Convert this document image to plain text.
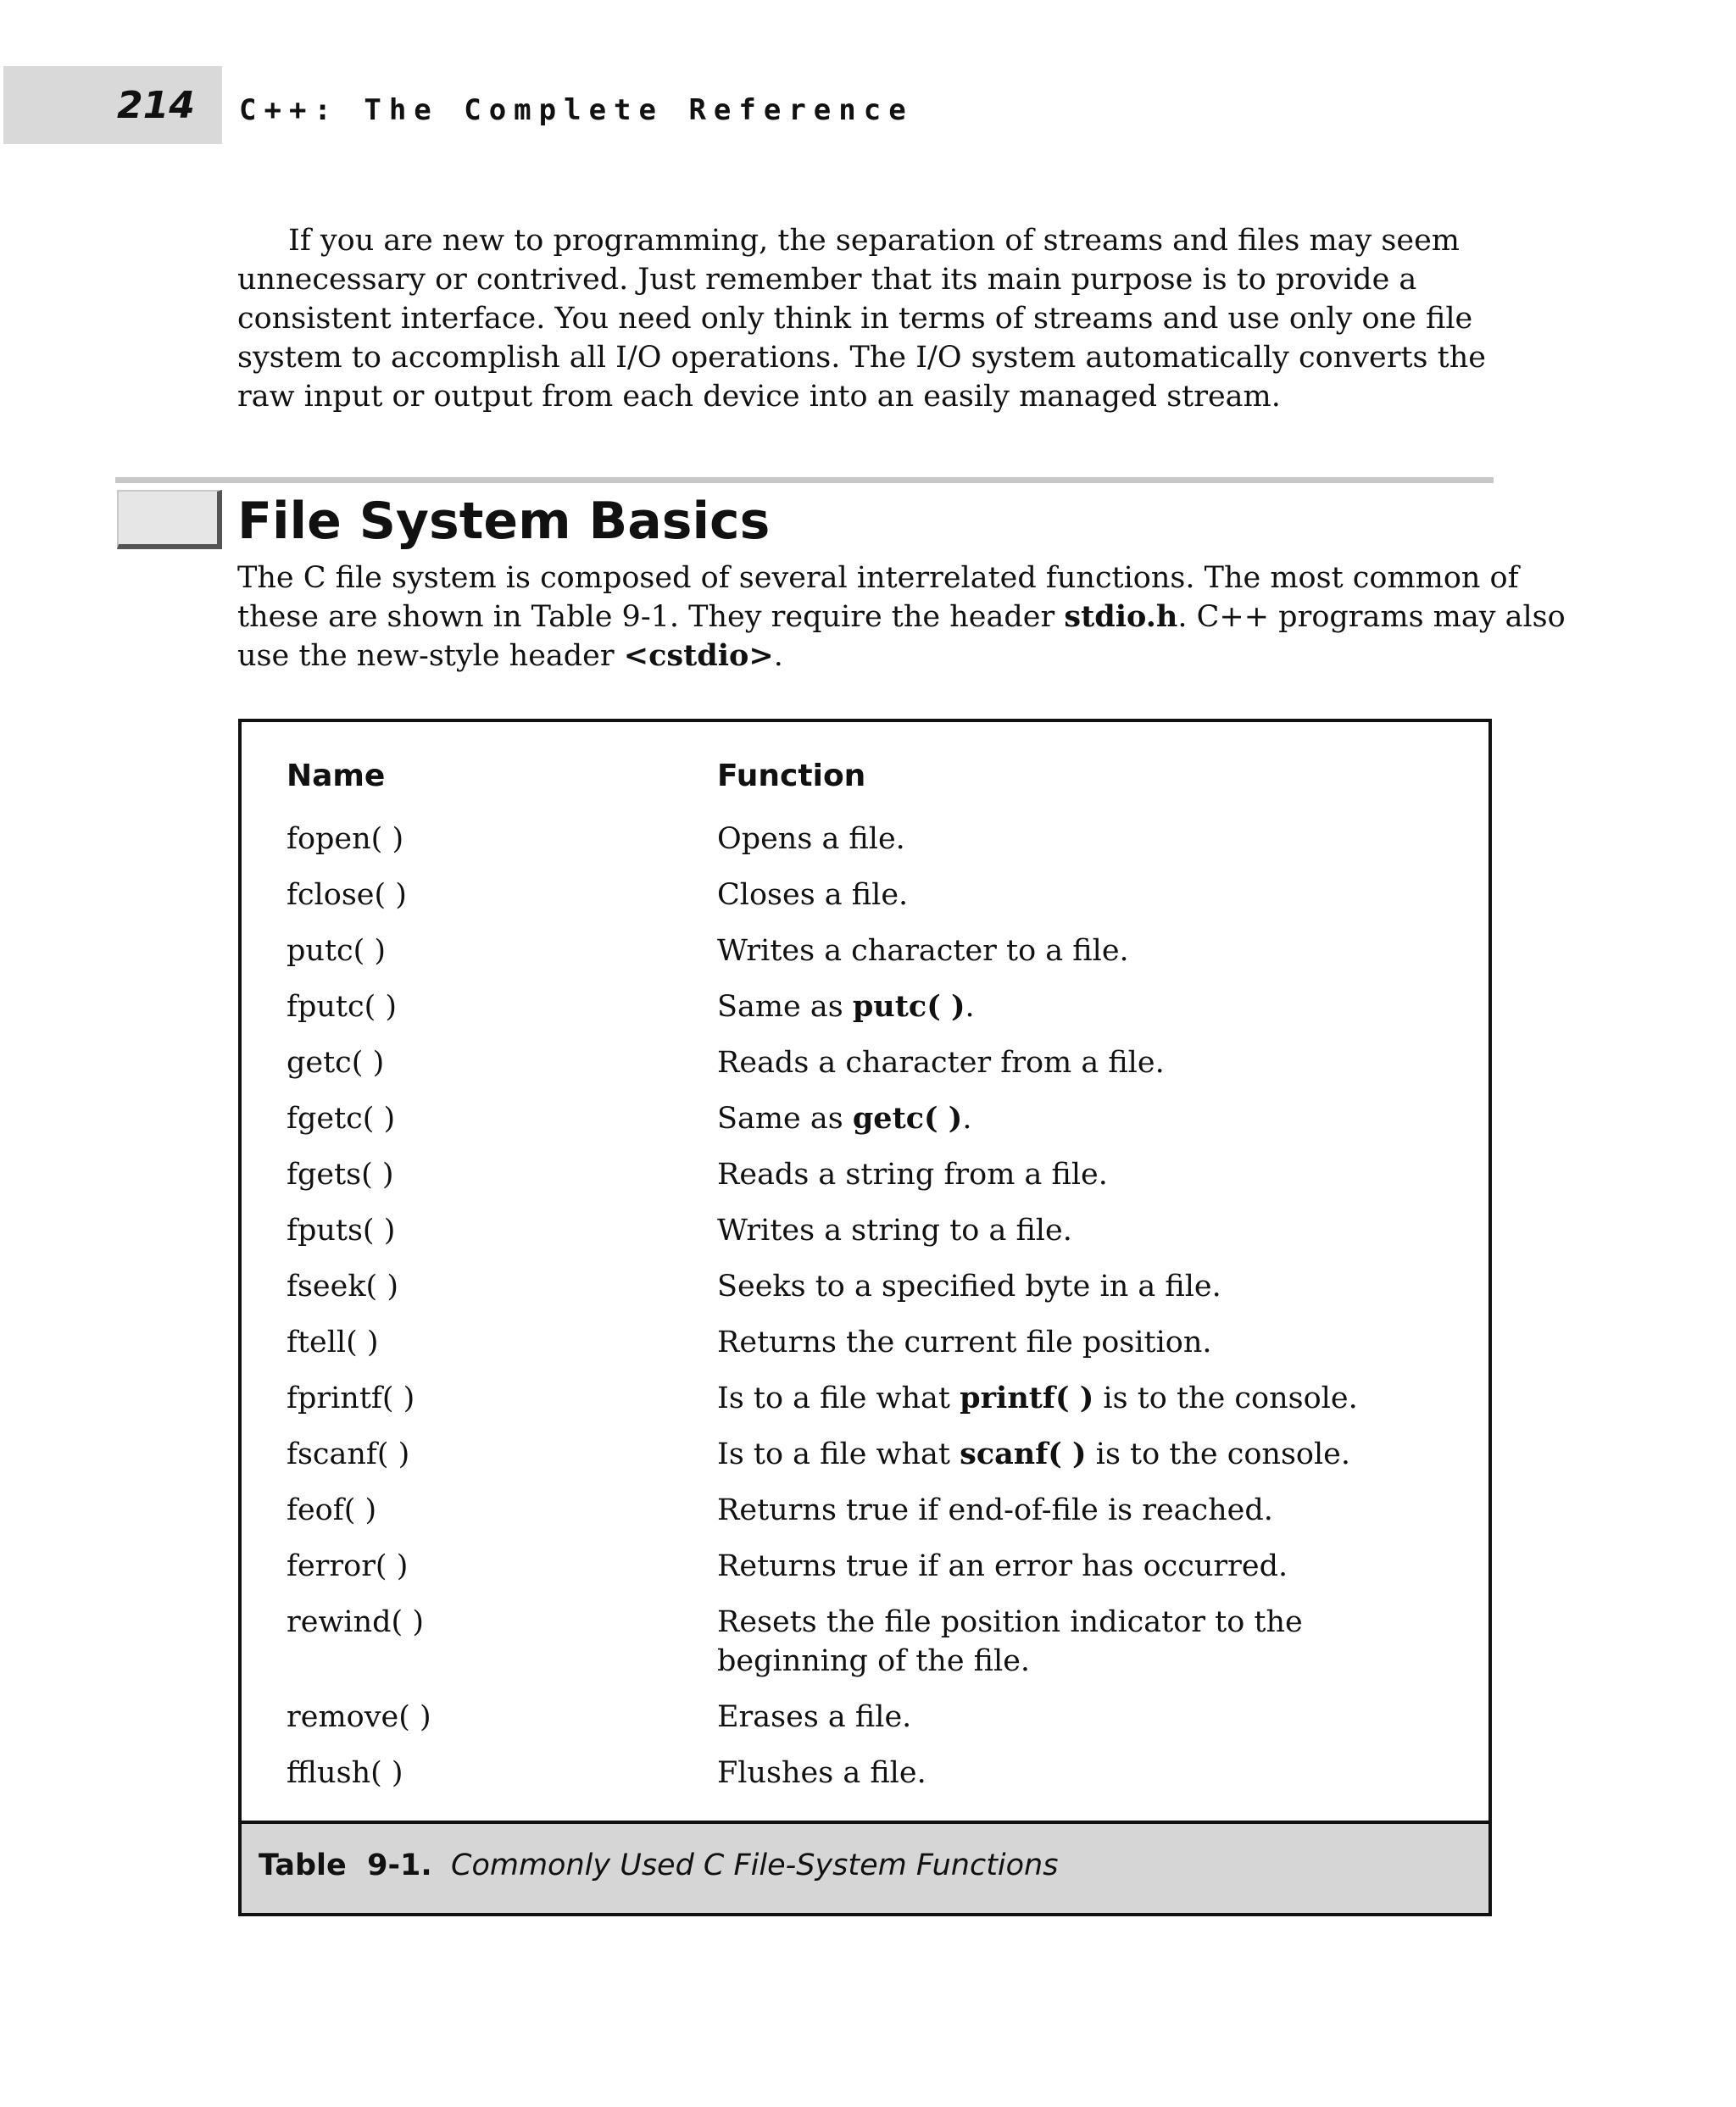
214 C++: The Complete Reference
If you are new to programming, the separation of streams and files may seem
unnecessary or contrived. Just remember that its main purpose is to provide a
consistent interface. You need only think in terms of streams and use only one file
system to accomplish all I/O operations. The I/O system automatically converts the
raw input or output from each device into an easily managed stream.
File System Basics
The C file system is composed of several interrelated functions. The most common of
these are shown in Table 9-1. They require the header stdio.h. C++ programs may also
use the new-style header <cstdio>.
Name	Function
fopen( )	Opens a file.
fclose( )	Closes a file.
putc( )	Writes a character to a file.
fputc( )	Same as putc( ).
getc( )	Reads a character from a file.
fgetc( )	Same as getc( ).
fgets( )	Reads a string from a file.
fputs( )	Writes a string to a file.
fseek( )	Seeks to a specified byte in a file.
ftell( )	Returns the current file position.
fprintf( )	Is to a file what printf( ) is to the console.
fscanf( )	Is to a file what scanf( ) is to the console.
feof( )	Returns true if end-of-file is reached.
ferror( )	Returns true if an error has occurred.
rewind( )	Resets the file position indicator to the
beginning of the file.
remove( )	Erases a file.
fflush( )	Flushes a file.
Table  9-1. Commonly Used C File-System Functions
